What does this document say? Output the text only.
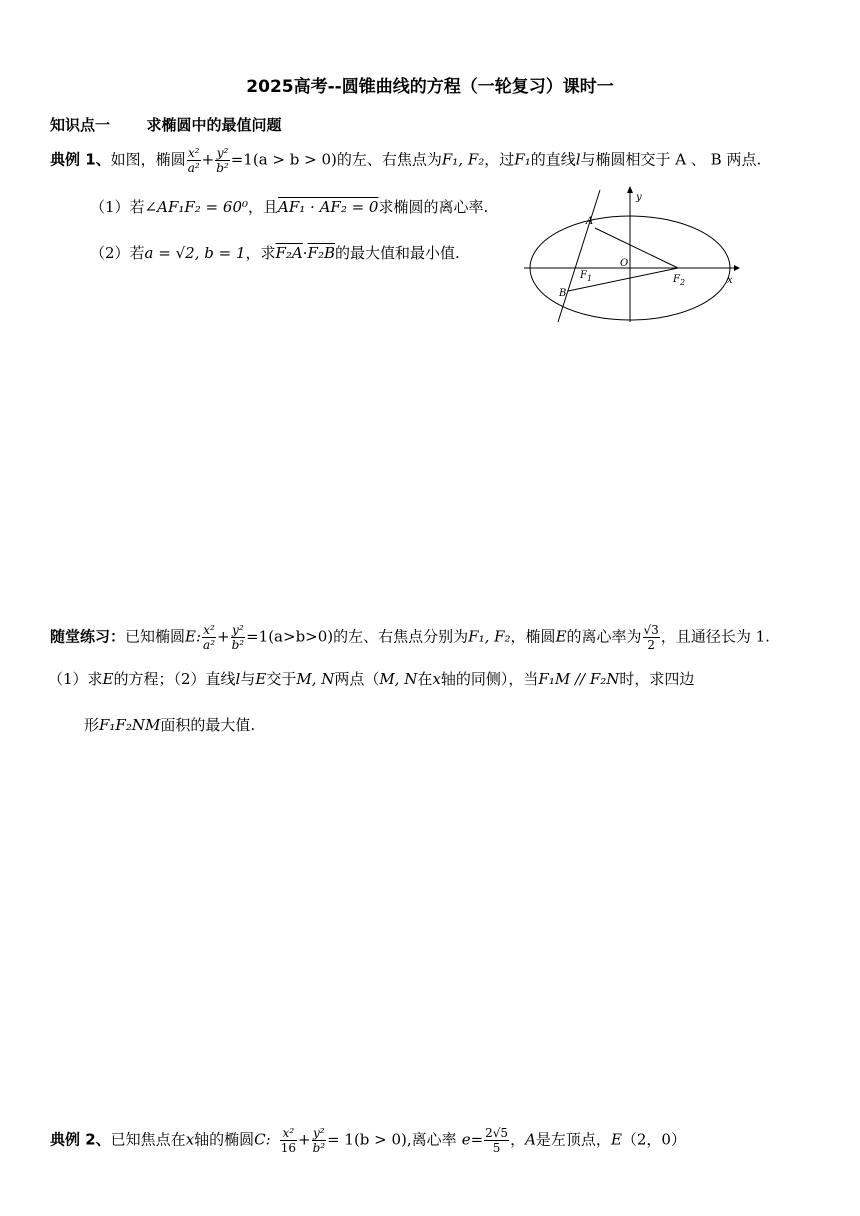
2025高考--圆锥曲线的方程（一轮复习）课时一
知识点一 求椭圆中的最值问题
典例 1、如图，椭圆 $\frac{\text{x²}}{\text{a²}} + \frac{\text{y²}}{\text{b²}} =1(a > b > 0)$的左、右焦点为F₁, F₂，过F₁的直线l与椭圆相交于 A 、 B 两点.
（1）若∠AF₁F₂ = 60⁰，且AF₁ · AF₂ = 0求椭圆的离心率.
（2）若a = √2, b = 1，求F₂A·F₂B的最大值和最小值.
A
B
O
$F_1$	$F_2$	x
y
随堂练习：已知椭圆E: $\frac{\text{x²}}{\text{a²}} + \frac{\text{y²}}{\text{b²}} =1(a>b>0)$的左、右焦点分别为F₁, F₂，椭圆E的离心率为 $\frac{√3}{2}$ ，且通径长为 1.
（1）求E的方程；（2）直线l与E交于M, N两点（M, N在x轴的同侧），当F₁M // F₂N时，求四边
形F₁F₂NM面积的最大值.
典例 2、已知焦点在x轴的椭圆C: $\frac{\text{x²}}{16} + \frac{\text{y²}}{\text{b²}} = 1(b > 0)$,离心率 $e= \frac{2√5}{5}$ ，A是左顶点，E（2，0）
